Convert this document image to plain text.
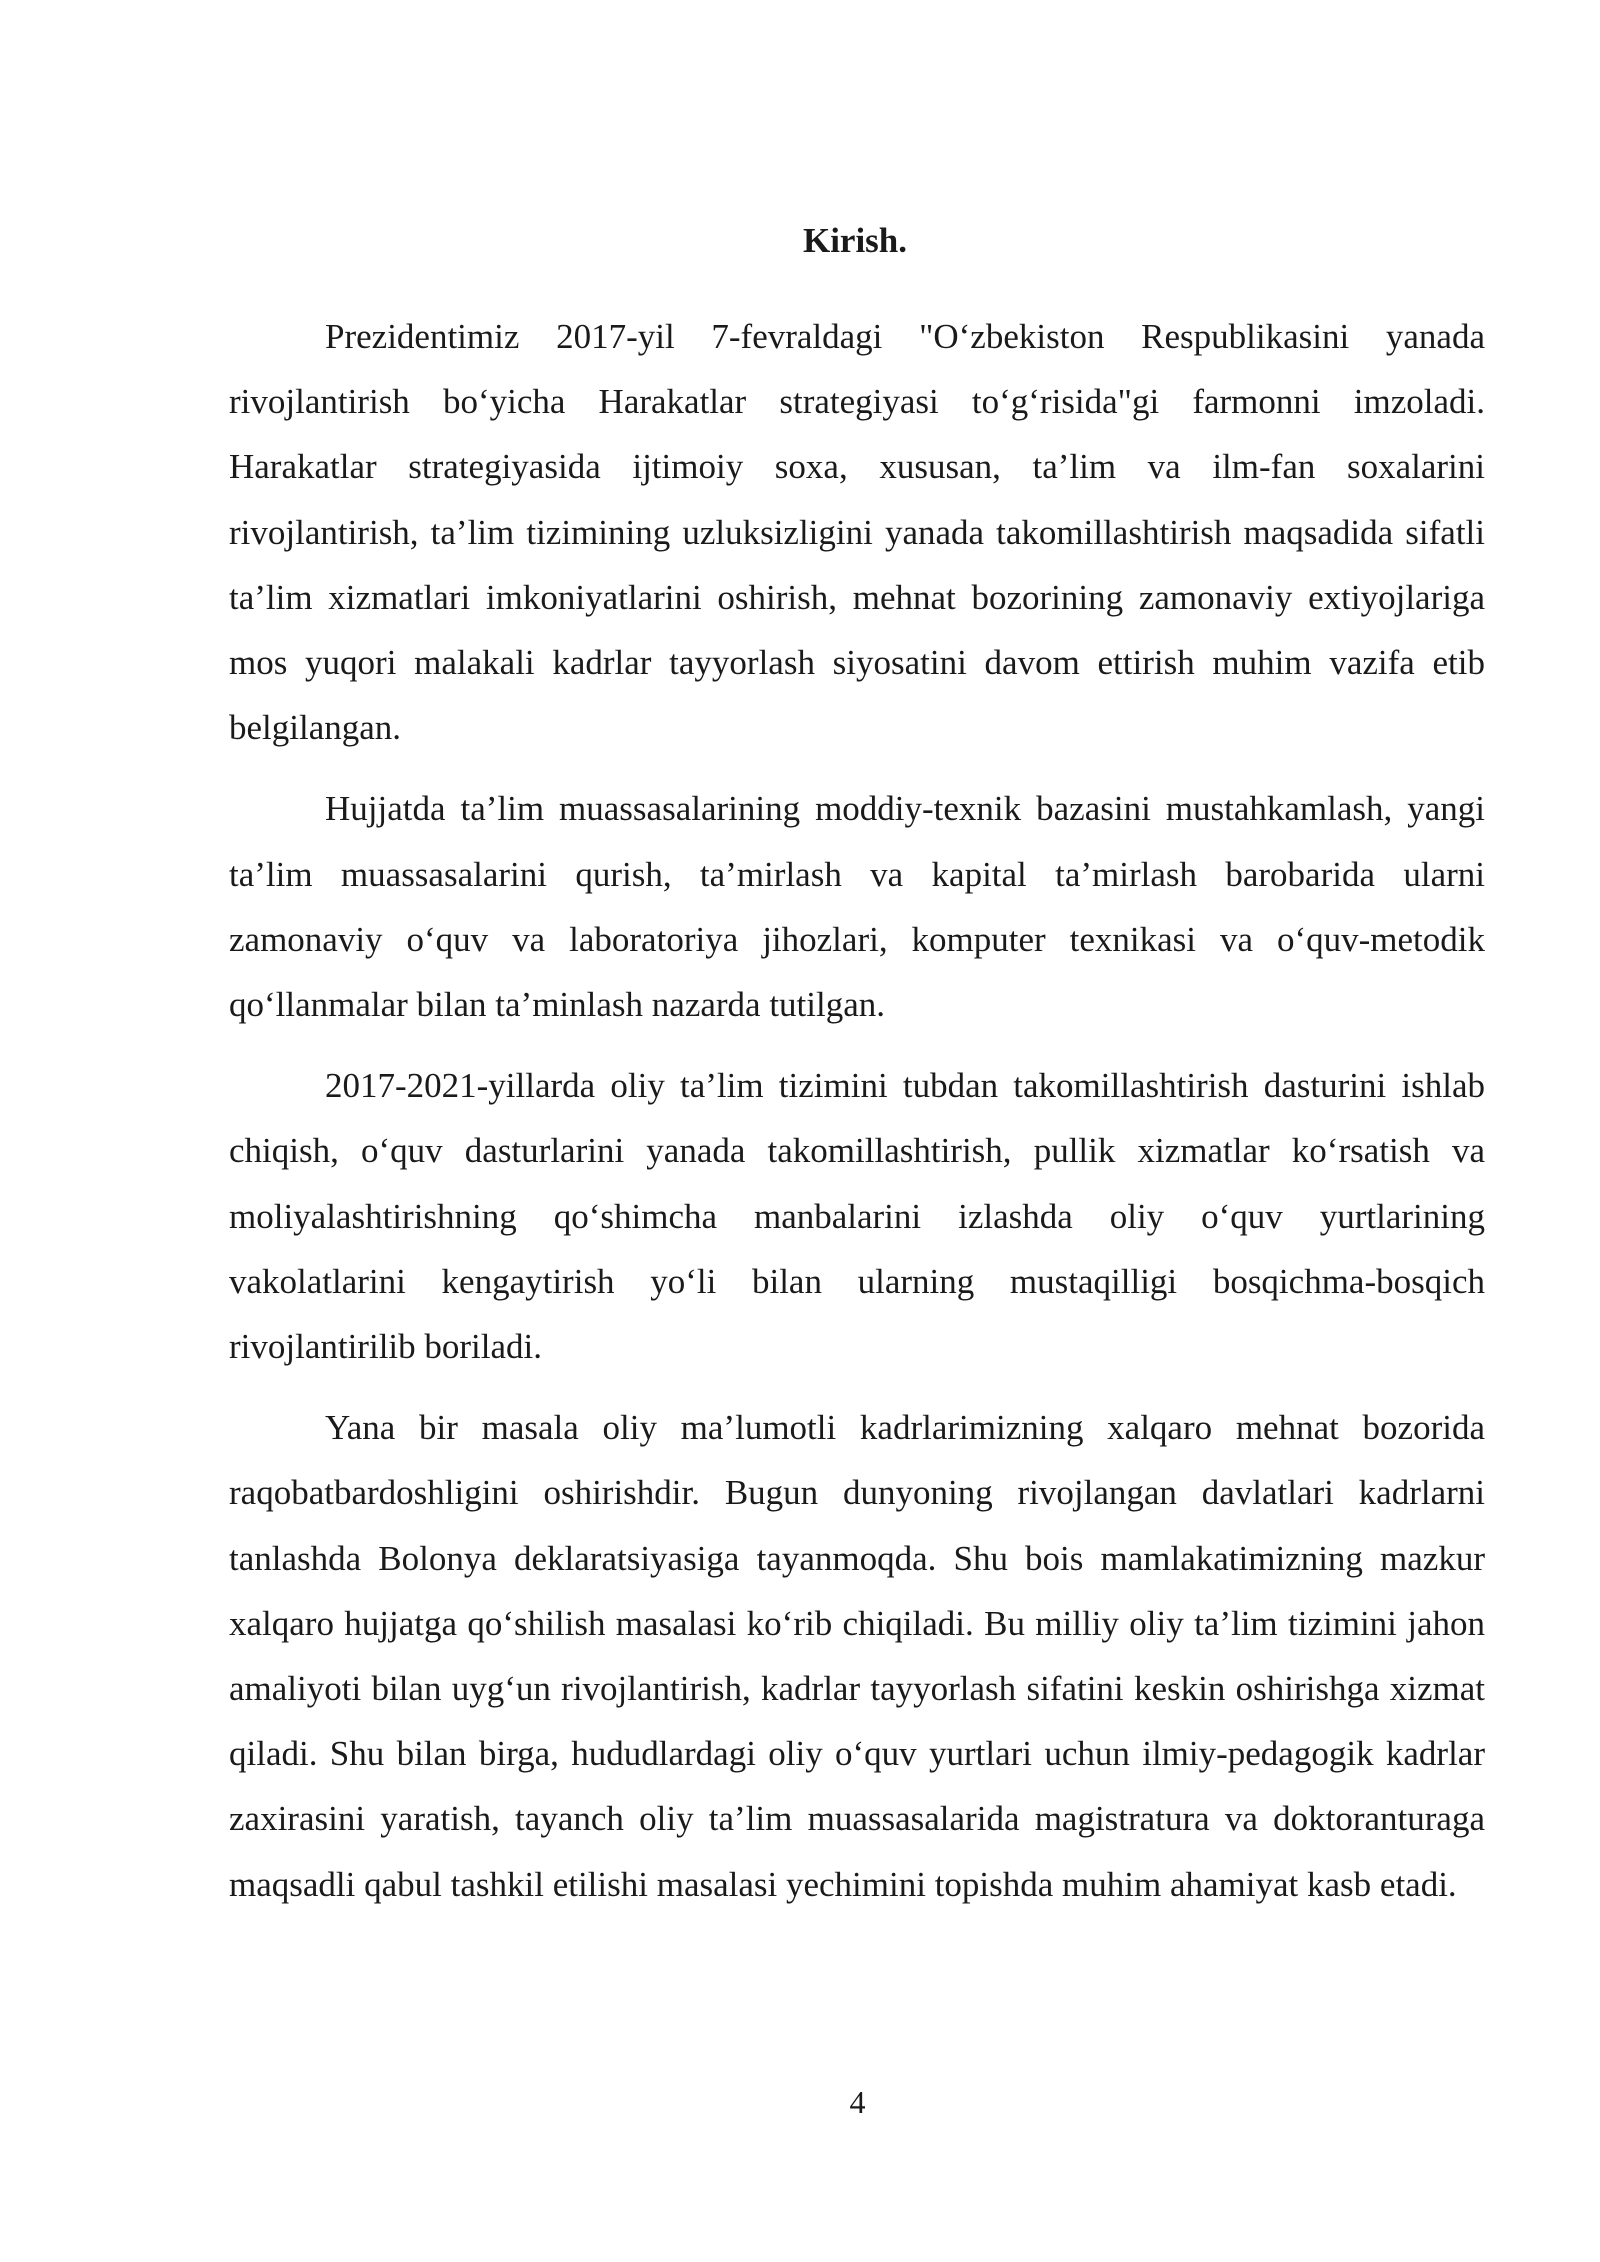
Kirish.

Prezidentimiz 2017-yil 7-fevraldagi "O‘zbekiston Respublikasini yanada rivojlantirish bo‘yicha Harakatlar strategiyasi to‘g‘risida"gi farmonni imzoladi. Harakatlar strategiyasida ijtimoiy soxa, xususan, ta’lim va ilm-fan soxalarini rivojlantirish, ta’lim tizimining uzluksizligini yanada takomillashtirish maqsadida sifatli ta’lim xizmatlari imkoniyatlarini oshirish, mehnat bozorining zamonaviy extiyojlariga mos yuqori malakali kadrlar tayyorlash siyosatini davom ettirish muhim vazifa etib belgilangan.

Hujjatda ta’lim muassasalarining moddiy-texnik bazasini mustahkamlash, yangi ta’lim muassasalarini qurish, ta’mirlash va kapital ta’mirlash barobarida ularni zamonaviy o‘quv va laboratoriya jihozlari, komputer texnikasi va o‘quv-metodik qo‘llanmalar bilan ta’minlash nazarda tutilgan.

2017-2021-yillarda oliy ta’lim tizimini tubdan takomillashtirish dasturini ishlab chiqish, o‘quv dasturlarini yanada takomillashtirish, pullik xizmatlar ko‘rsatish va moliyalashtirishning qo‘shimcha manbalarini izlashda oliy o‘quv yurtlarining vakolatlarini kengaytirish yo‘li bilan ularning mustaqilligi bosqichma-bosqich rivojlantirilib boriladi.

Yana bir masala oliy ma’lumotli kadrlarimizning xalqaro mehnat bozorida raqobatbardoshligini oshirishdir. Bugun dunyoning rivojlangan davlatlari kadrlarni tanlashda Bolonya deklaratsiyasiga tayanmoqda. Shu bois mamlakatimizning mazkur xalqaro hujjatga qo‘shilish masalasi ko‘rib chiqiladi. Bu milliy oliy ta’lim tizimini jahon amaliyoti bilan uyg‘un rivojlantirish, kadrlar tayyorlash sifatini keskin oshirishga xizmat qiladi. Shu bilan birga, hududlardagi oliy o‘quv yurtlari uchun ilmiy-pedagogik kadrlar zaxirasini yaratish, tayanch oliy ta’lim muassasalarida magistratura va doktoranturaga maqsadli qabul tashkil etilishi masalasi yechimini topishda muhim ahamiyat kasb etadi.

4
